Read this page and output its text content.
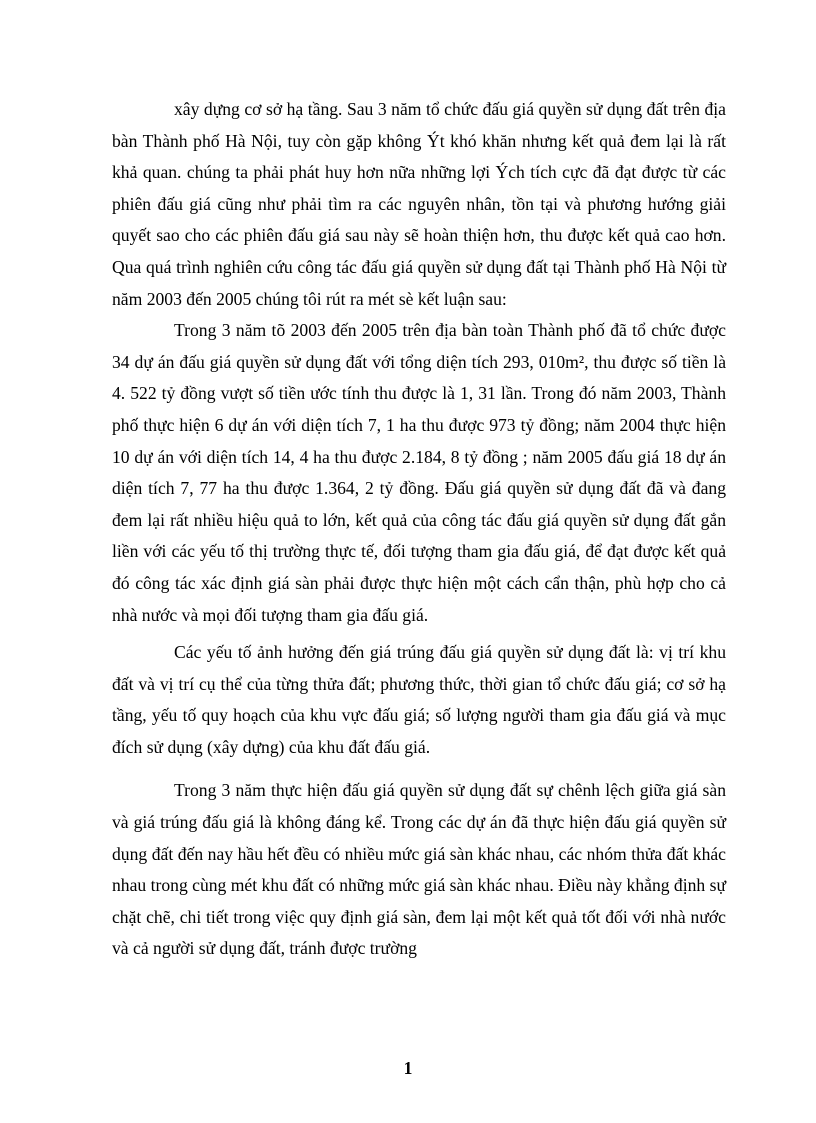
xây dựng cơ sở hạ tầng. Sau 3 năm tổ chức đấu giá quyền sử dụng đất trên địa bàn Thành phố Hà Nội, tuy còn gặp không Ýt khó khăn nhưng kết quả đem lại là rất khả quan. chúng ta phải phát huy hơn nữa những lợi Ých tích cực đã đạt được từ các phiên đấu giá cũng như phải tìm ra các nguyên nhân, tồn tại và phương hướng giải quyết sao cho các phiên đấu giá sau này sẽ hoàn thiện hơn, thu được kết quả cao hơn. Qua quá trình nghiên cứu công tác đấu giá quyền sử dụng đất tại Thành phố Hà Nội từ năm 2003 đến 2005 chúng tôi rút ra mét sè kết luận sau:

Trong 3 năm tõ 2003 đến 2005 trên địa bàn toàn Thành phố đã tổ chức được 34 dự án đấu giá quyền sử dụng đất với tổng diện tích 293, 010m², thu được số tiền là 4. 522 tỷ đồng vượt số tiền ước tính thu được là 1, 31 lần. Trong đó năm 2003, Thành phố thực hiện 6 dự án với diện tích 7, 1 ha thu được 973 tỷ đồng; năm 2004 thực hiện 10 dự án với diện tích 14, 4 ha thu được 2.184, 8 tỷ đồng ; năm 2005 đấu giá 18 dự án diện tích 7, 77 ha thu được 1.364, 2 tỷ đồng. Đấu giá quyền sử dụng đất đã và đang đem lại rất nhiều hiệu quả to lớn, kết quả của công tác đấu giá quyền sử dụng đất gắn liền với các yếu tố thị trường thực tế, đối tượng tham gia đấu giá, để đạt được kết quả đó công tác xác định giá sàn phải được thực hiện một cách cẩn thận, phù hợp cho cả nhà nước và mọi đối tượng tham gia đấu giá.

Các yếu tố ảnh hưởng đến giá trúng đấu giá quyền sử dụng đất là: vị trí khu đất và vị trí cụ thể của từng thửa đất; phương thức, thời gian tổ chức đấu giá; cơ sở hạ tầng, yếu tố quy hoạch của khu vực đấu giá; số lượng người tham gia đấu giá và mục đích sử dụng (xây dựng) của khu đất đấu giá.

Trong 3 năm thực hiện đấu giá quyền sử dụng đất sự chênh lệch giữa giá sàn và giá trúng đấu giá là không đáng kể. Trong các dự án đã thực hiện đấu giá quyền sử dụng đất đến nay hầu hết đều có nhiều mức giá sàn khác nhau, các nhóm thửa đất khác nhau trong cùng mét khu đất có những mức giá sàn khác nhau. Điều này khẳng định sự chặt chẽ, chi tiết trong việc quy định giá sàn, đem lại một kết quả tốt đối với nhà nước và cả người sử dụng đất, tránh được trường

1
